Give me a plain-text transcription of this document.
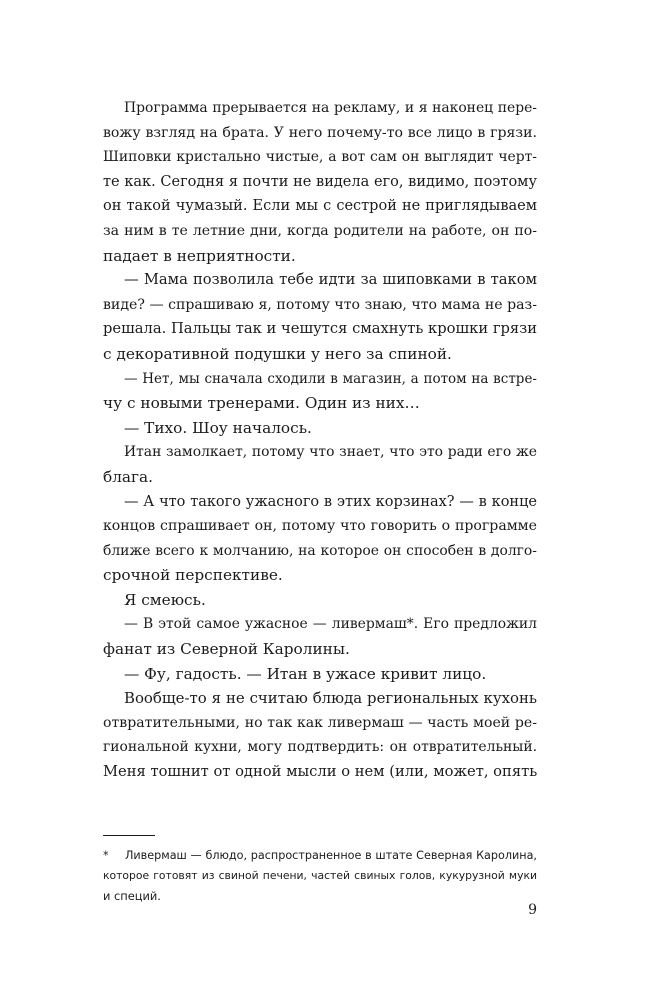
Программа прерывается на рекламу, и я наконец пере-
вожу взгляд на брата. У него почему-то все лицо в грязи.
Шиповки кристально чистые, а вот сам он выглядит черт-
те как. Сегодня я почти не видела его, видимо, поэтому
он такой чумазый. Если мы с сестрой не приглядываем
за ним в те летние дни, когда родители на работе, он по-
падает в неприятности.
— Мама позволила тебе идти за шиповками в таком
виде? — спрашиваю я, потому что знаю, что мама не раз-
решала. Пальцы так и чешутся смахнуть крошки грязи
с декоративной подушки у него за спиной.
— Нет, мы сначала сходили в магазин, а потом на встре-
чу с новыми тренерами. Один из них…
— Тихо. Шоу началось.
Итан замолкает, потому что знает, что это ради его же
блага.
— А что такого ужасного в этих корзинах? — в конце
концов спрашивает он, потому что говорить о программе
ближе всего к молчанию, на которое он способен в долго-
срочной перспективе.
Я смеюсь.
— В этой самое ужасное — ливермаш*. Его предложил
фанат из Северной Каролины.
— Фу, гадость. — Итан в ужасе кривит лицо.
Вообще-то я не считаю блюда региональных кухонь
отвратительными, но так как ливермаш — часть моей ре-
гиональной кухни, могу подтвердить: он отвратительный.
Меня тошнит от одной мысли о нем (или, может, опять
* Ливермаш — блюдо, распространенное в штате Северная Каролина,
которое готовят из свиной печени, частей свиных голов, кукурузной муки
и специй.
9
